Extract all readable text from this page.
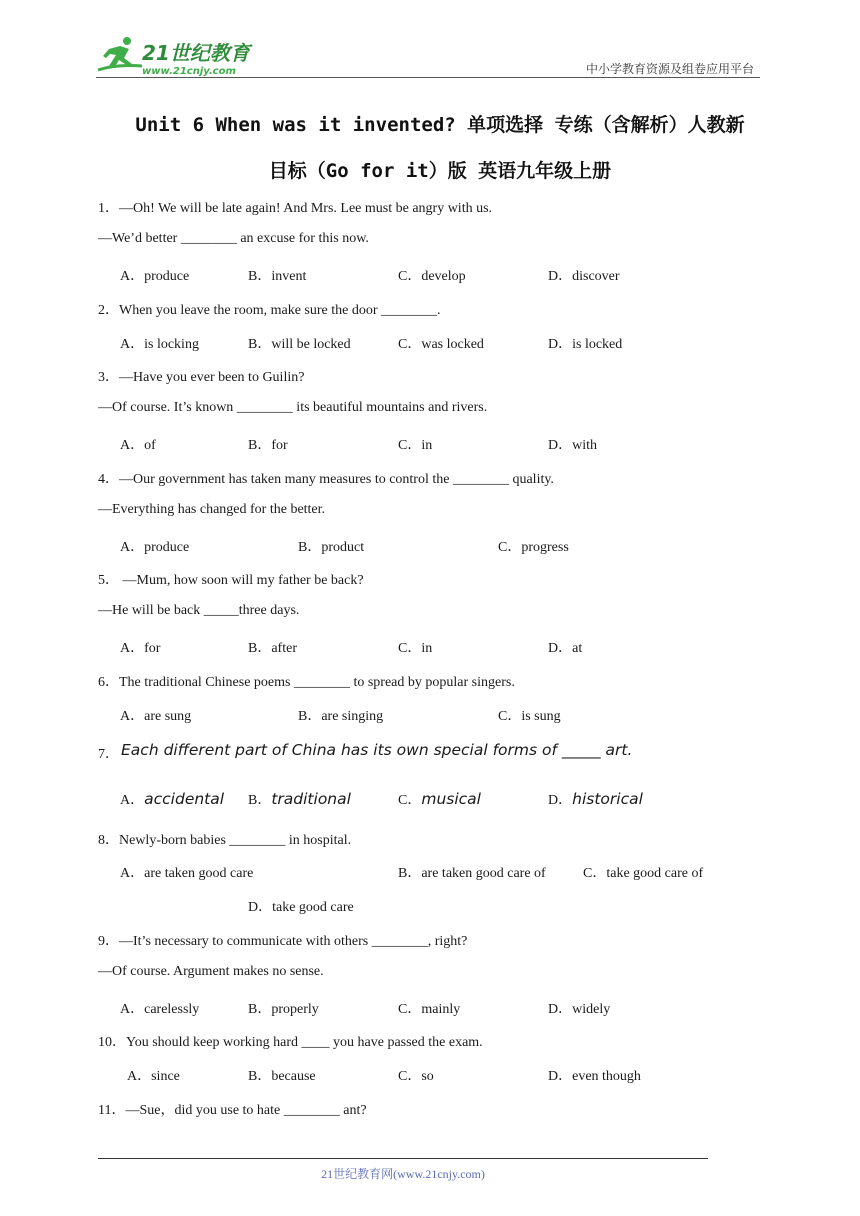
21世纪教育
www.21cnjy.com	中小学教育资源及组卷应用平台
Unit 6 When was it invented? 单项选择 专练（含解析）人教新
目标（Go for it）版 英语九年级上册
1．—Oh! We will be late again! And Mrs. Lee must be angry with us.
—We’d better ________ an excuse for this now.
A．produce	B．invent	C．develop	D．discover
2．When you leave the room, make sure the door ________.
A．is locking	B．will be locked	C．was locked	D．is locked
3．—Have you ever been to Guilin?
—Of course. It’s known ________ its beautiful mountains and rivers.
A．of	B．for	C．in	D．with
4．—Our government has taken many measures to control the ________ quality.
—Everything has changed for the better.
A．produce	B．product	C．progress
5． —Mum, how soon will my father be back?
—He will be back _____three days.
A．for	B．after	C．in	D．at
6．The traditional Chinese poems ________ to spread by popular singers.
A．are sung	B．are singing	C．is sung
7． Each different part of China has its own special forms of _____ art.
A．accidental B．traditional	C．musical	D．historical
8．Newly-born babies ________ in hospital.
A．are taken good care	B．are taken good care of	C．take good care of
D．take good care
9．—It’s necessary to communicate with others ________, right?
—Of course. Argument makes no sense.
A．carelessly	B．properly	C．mainly	D．widely
10．You should keep working hard ____ you have passed the exam.
A．since	B．because	C．so	D．even though
11．—Sue，did you use to hate ________ ant?
21世纪教育网(www.21cnjy.com)
